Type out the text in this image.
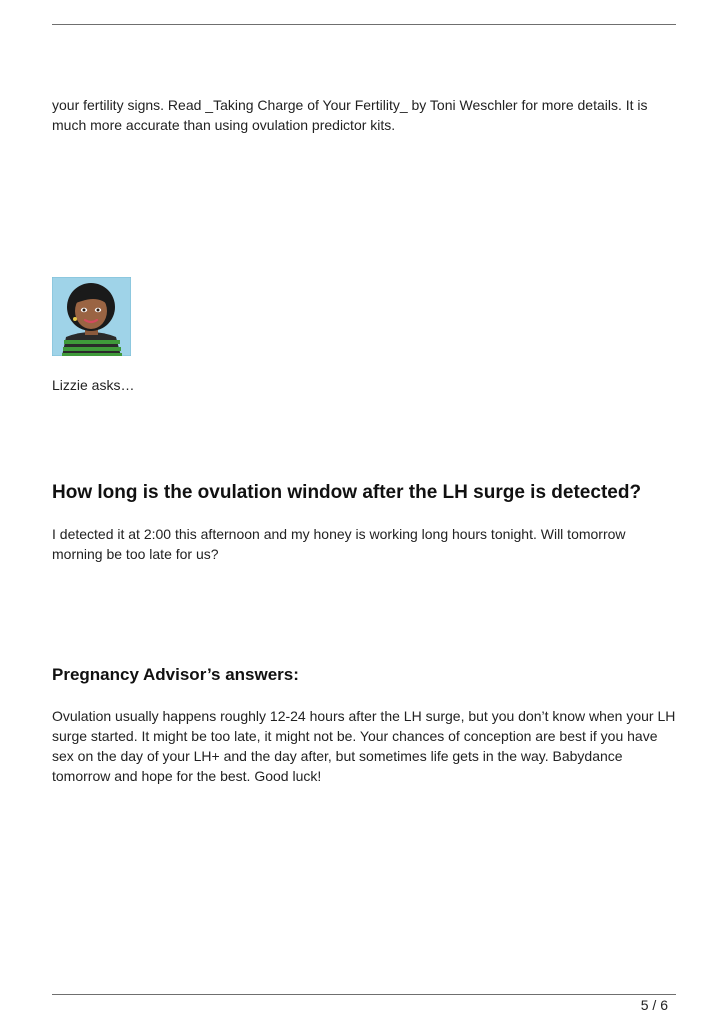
your fertility signs. Read _Taking Charge of Your Fertility_ by Toni Weschler for more details. It is much more accurate than using ovulation predictor kits.

Lizzie asks…

How long is the ovulation window after the LH surge is detected?

I detected it at 2:00 this afternoon and my honey is working long hours tonight. Will tomorrow morning be too late for us?

Pregnancy Advisor’s answers:

Ovulation usually happens roughly 12-24 hours after the LH surge, but you don’t know when your LH surge started. It might be too late, it might not be. Your chances of conception are best if you have sex on the day of your LH+ and the day after, but sometimes life gets in the way. Babydance tomorrow and hope for the best. Good luck!

5 / 6
